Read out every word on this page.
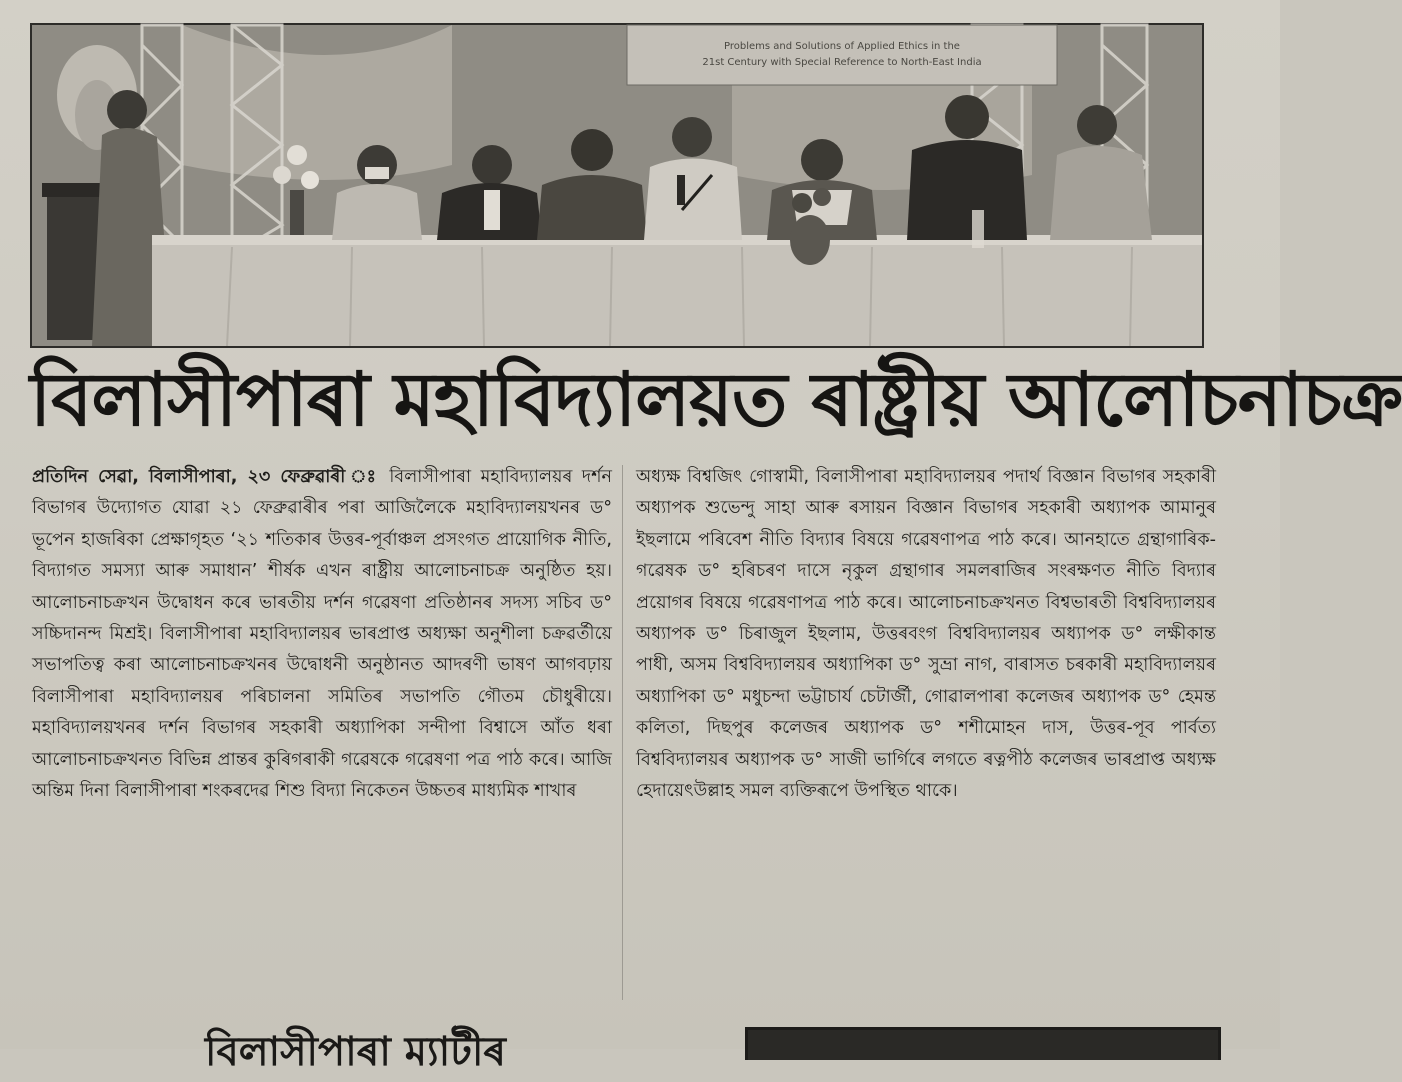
Problems and Solutions of Applied Ethics in the
21st Century with Special Reference to North-East India
বিলাসীপাৰা মহাবিদ্যালয়ত ৰাষ্ট্ৰীয় আলোচনাচক্ৰ

প্ৰতিদিন সেৱা, বিলাসীপাৰা, ২৩ ফেব্ৰুৱাৰী ঃ বিলাসীপাৰা মহাবিদ্যালয়ৰ দৰ্শন বিভাগৰ উদ্যোগত যোৱা ২১ ফেব্ৰুৱাৰীৰ পৰা আজিলৈকে মহাবিদ্যালয়খনৰ ড° ভূপেন হাজৰিকা প্ৰেক্ষাগৃহত ‘২১ শতিকাৰ উত্তৰ-পূৰ্বাঞ্চল প্ৰসংগত প্ৰায়োগিক নীতি, বিদ্যাগত সমস্যা আৰু সমাধান’ শীৰ্ষক এখন ৰাষ্ট্ৰীয় আলোচনাচক্ৰ অনুষ্ঠিত হয়। আলোচনাচক্ৰখন উদ্বোধন কৰে ভাৰতীয় দৰ্শন গৱেষণা প্ৰতিষ্ঠানৰ সদস্য সচিব ড° সচ্চিদানন্দ মিশ্ৰই। বিলাসীপাৰা মহাবিদ্যালয়ৰ ভাৰপ্ৰাপ্ত অধ্যক্ষা অনুশীলা চক্ৰৱৰ্তীয়ে সভাপতিত্ব কৰা আলোচনাচক্ৰখনৰ উদ্বোধনী অনুষ্ঠানত আদৰণী ভাষণ আগবঢ়ায় বিলাসীপাৰা মহাবিদ্যালয়ৰ পৰিচালনা সমিতিৰ সভাপতি গৌতম চৌধুৰীয়ে। মহাবিদ্যালয়খনৰ দৰ্শন বিভাগৰ সহকাৰী অধ্যাপিকা সন্দীপা বিশ্বাসে আঁত ধৰা আলোচনাচক্ৰখনত বিভিন্ন প্ৰান্তৰ কুৰিগৰাকী গৱেষকে গৱেষণা পত্ৰ পাঠ কৰে। আজি অন্তিম দিনা বিলাসীপাৰা শংকৰদেৱ শিশু বিদ্যা নিকেতন উচ্চতৰ মাধ্যমিক শাখাৰ

অধ্যক্ষ বিশ্বজিৎ গোস্বামী, বিলাসীপাৰা মহাবিদ্যালয়ৰ পদাৰ্থ বিজ্ঞান বিভাগৰ সহকাৰী অধ্যাপক শুভেন্দু সাহা আৰু ৰসায়ন বিজ্ঞান বিভাগৰ সহকাৰী অধ্যাপক আমানুৰ ইছলামে পৰিবেশ নীতি বিদ্যাৰ বিষয়ে গৱেষণাপত্ৰ পাঠ কৰে। আনহাতে গ্ৰন্থাগাৰিক-গৱেষক ড° হৰিচৰণ দাসে নৃকুল গ্ৰন্থাগাৰ সমলৰাজিৰ সংৰক্ষণত নীতি বিদ্যাৰ প্ৰয়োগৰ বিষয়ে গৱেষণাপত্ৰ পাঠ কৰে। আলোচনাচক্ৰখনত বিশ্বভাৰতী বিশ্ববিদ্যালয়ৰ অধ্যাপক ড° চিৰাজুল ইছলাম, উত্তৰবংগ বিশ্ববিদ্যালয়ৰ অধ্যাপক ড° লক্ষীকান্ত পাধী, অসম বিশ্ববিদ্যালয়ৰ অধ্যাপিকা ড° সুভ্ৰা নাগ, বাৰাসত চৰকাৰী মহাবিদ্যালয়ৰ অধ্যাপিকা ড° মধুচন্দা ভট্টাচাৰ্য চেটাৰ্জী, গোৱালপাৰা কলেজৰ অধ্যাপক ড° হেমন্ত কলিতা, দিছপুৰ কলেজৰ অধ্যাপক ড° শশীমোহন দাস, উত্তৰ-পূব পাৰ্বত্য বিশ্ববিদ্যালয়ৰ অধ্যাপক ড° সাজী ভাৰ্গিৰে লগতে ৰত্নপীঠ কলেজৰ ভাৰপ্ৰাপ্ত অধ্যক্ষ হেদায়েৎউল্লাহ সমল ব্যক্তিৰূপে উপস্থিত থাকে।

বিলাসীপাৰা ম্যাটীৰ
